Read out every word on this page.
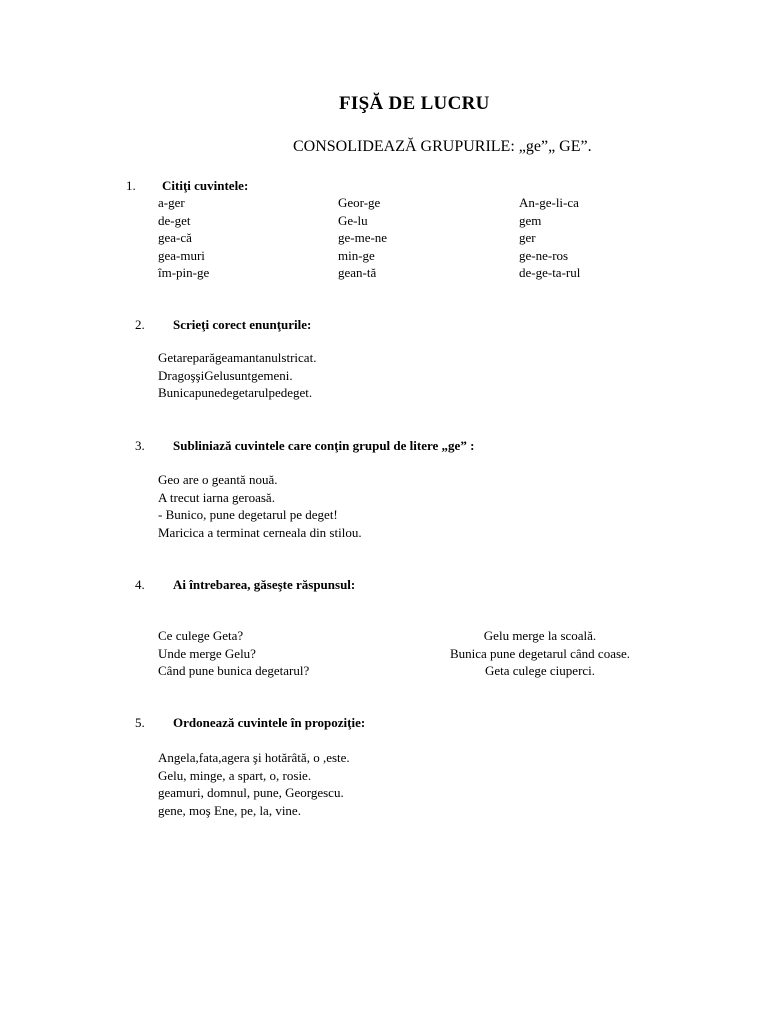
FIŞĂ DE LUCRU
CONSOLIDEAZĂ GRUPURILE: „ge”„ GE”.
1. Citiţi cuvintele:
a-ger
de-get
gea-că
gea-muri
îm-pin-ge
Geor-ge
Ge-lu
ge-me-ne
min-ge
gean-tă
An-ge-li-ca
gem
ger
ge-ne-ros
de-ge-ta-rul
2. Scrieţi corect enunţurile:
Getareparăgeamantanulstricat.
DragoşşiGelusuntgemeni.
Bunicapunedegetarulpedeget.
3. Subliniază cuvintele care conţin grupul de litere „ge” :
Geo are o geantă nouă.
A trecut iarna geroasă.
- Bunico, pune degetarul pe deget!
Maricica a terminat cerneala din stilou.
4. Ai întrebarea, găseşte răspunsul:
Ce culege Geta?
Unde merge Gelu?
Când pune bunica degetarul?
Gelu merge la scoală.
Bunica pune degetarul când coase.
Geta culege ciuperci.
5. Ordonează cuvintele în propoziţie:
Angela,fata,agera şi hotărâtă, o ,este.
Gelu, minge, a spart, o, rosie.
geamuri, domnul, pune, Georgescu.
gene, moş Ene, pe, la, vine.
